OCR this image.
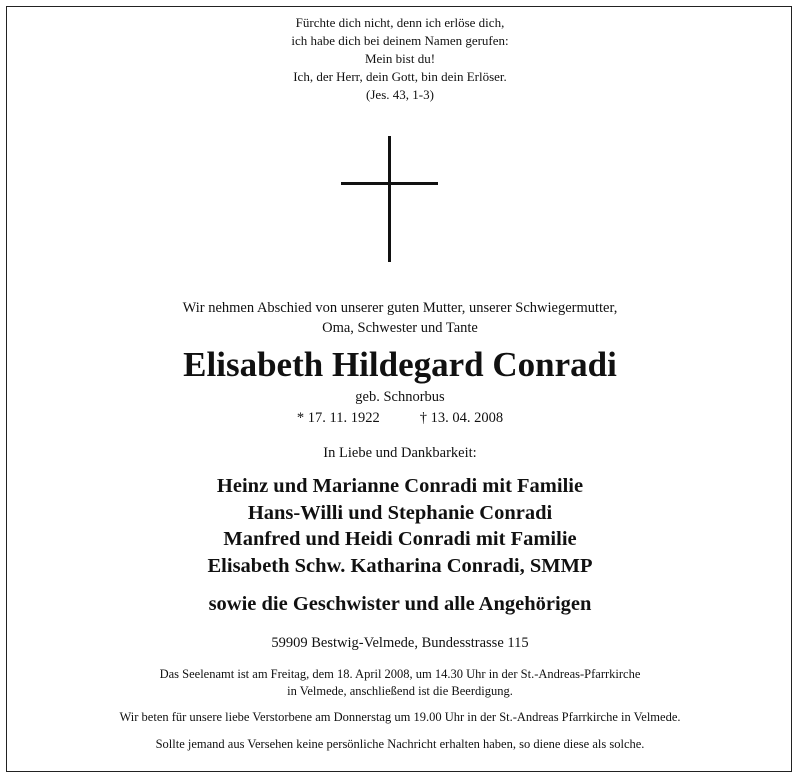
Fürchte dich nicht, denn ich erlöse dich,
ich habe dich bei deinem Namen gerufen:
Mein bist du!
Ich, der Herr, dein Gott, bin dein Erlöser.
(Jes. 43, 1-3)
Wir nehmen Abschied von unserer guten Mutter, unserer Schwiegermutter,
Oma, Schwester und Tante
Elisabeth Hildegard Conradi
geb. Schnorbus
* 17. 11. 1922	† 13. 04. 2008
In Liebe und Dankbarkeit:
Heinz und Marianne Conradi mit Familie
Hans-Willi und Stephanie Conradi
Manfred und Heidi Conradi mit Familie
Elisabeth Schw. Katharina Conradi, SMMP
sowie die Geschwister und alle Angehörigen
59909 Bestwig-Velmede, Bundesstrasse 115
Das Seelenamt ist am Freitag, dem 18. April 2008, um 14.30 Uhr in der St.-Andreas-Pfarrkirche
in Velmede, anschließend ist die Beerdigung.
Wir beten für unsere liebe Verstorbene am Donnerstag um 19.00 Uhr in der St.-Andreas Pfarrkirche in Velmede.
Sollte jemand aus Versehen keine persönliche Nachricht erhalten haben, so diene diese als solche.
